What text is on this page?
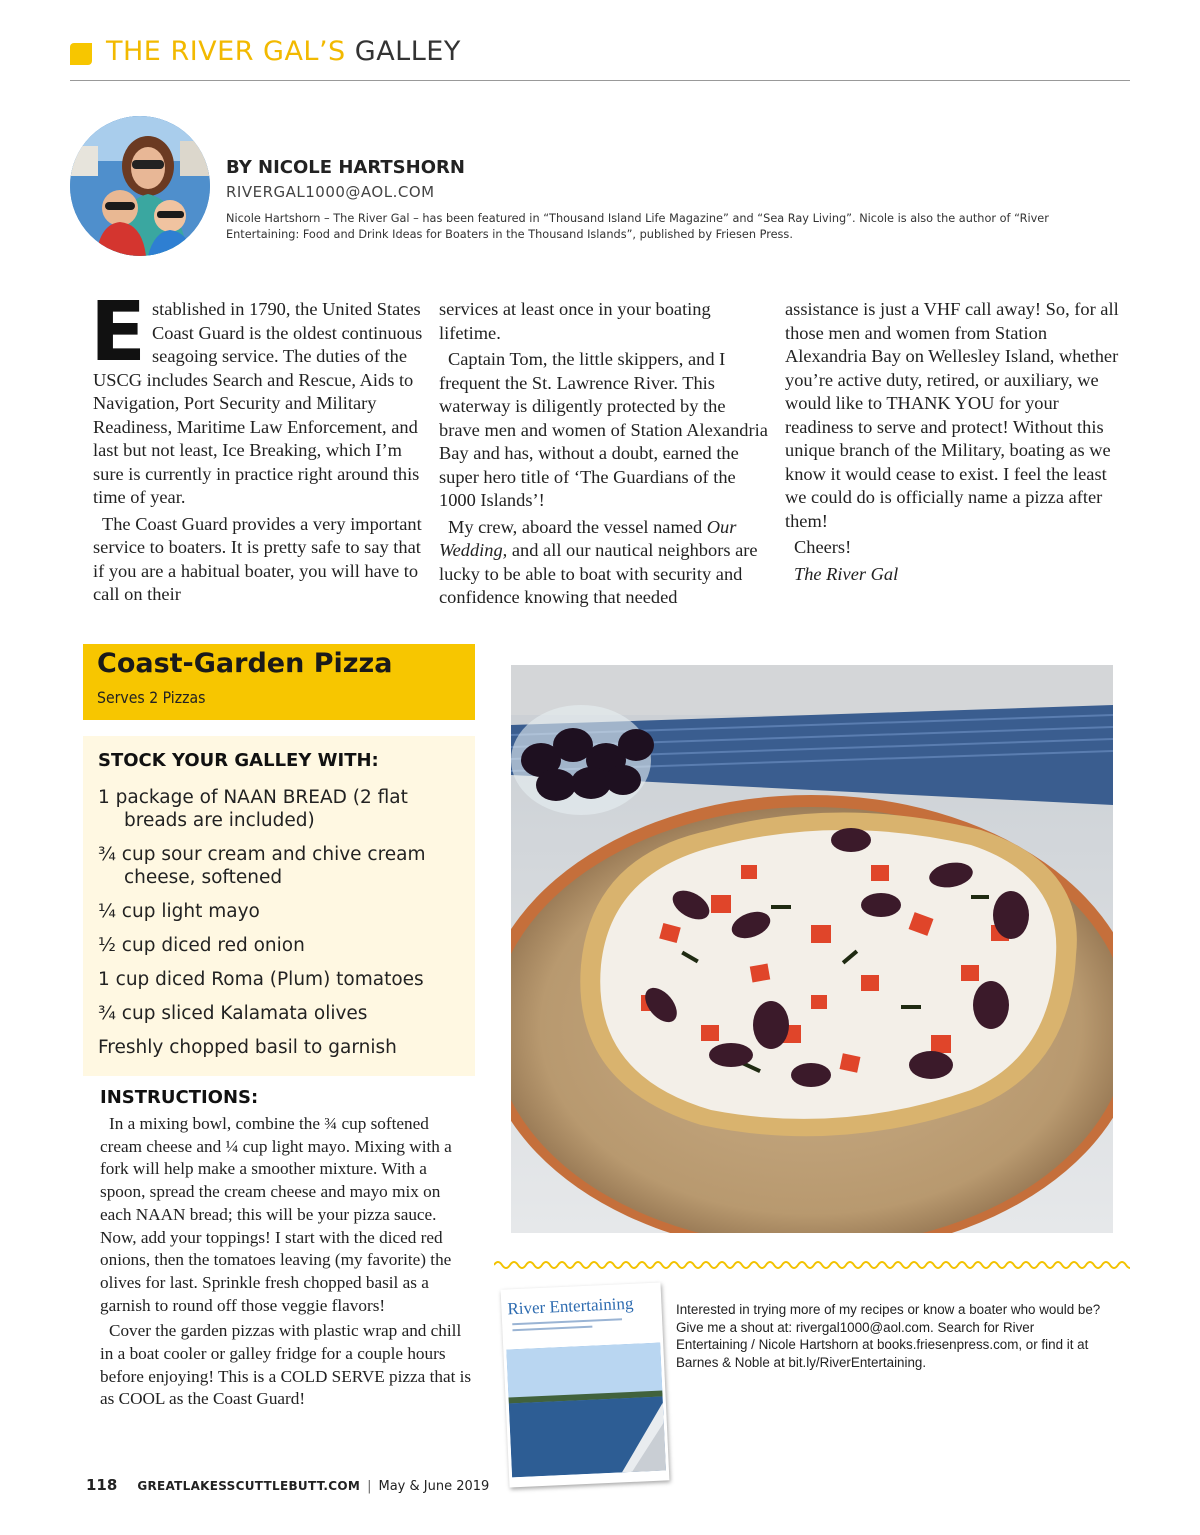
THE RIVER GAL’S GALLEY
BY NICOLE HARTSHORN
RIVERGAL1000@AOL.COM
Nicole Hartshorn – The River Gal – has been featured in “Thousand Island Life Magazine” and “Sea Ray Living”. Nicole is also the author of “River Entertaining: Food and Drink Ideas for Boaters in the Thousand Islands”, published by Friesen Press.

Established in 1790, the United States Coast Guard is the oldest continuous seagoing service. The duties of the USCG includes Search and Rescue, Aids to Navigation, Port Security and Military Readiness, Maritime Law Enforcement, and last but not least, Ice Breaking, which I’m sure is currently in practice right around this time of year.

The Coast Guard provides a very important service to boaters. It is pretty safe to say that if you are a habitual boater, you will have to call on their

services at least once in your boating lifetime.

Captain Tom, the little skippers, and I frequent the St. Lawrence River. This waterway is diligently protected by the brave men and women of Station Alexandria Bay and has, without a doubt, earned the super hero title of ‘The Guardians of the 1000 Islands’!

My crew, aboard the vessel named Our Wedding, and all our nautical neighbors are lucky to be able to boat with security and confidence knowing that needed

assistance is just a VHF call away! So, for all those men and women from Station Alexandria Bay on Wellesley Island, whether you’re active duty, retired, or auxiliary, we would like to THANK YOU for your readiness to serve and protect! Without this unique branch of the Military, boating as we know it would cease to exist. I feel the least we could do is officially name a pizza after them!

Cheers!

The River Gal

Coast-Garden Pizza
Serves 2 Pizzas
STOCK YOUR GALLEY WITH:
1 package of NAAN BREAD (2 flat breads are included)
¾ cup sour cream and chive cream cheese, softened
¼ cup light mayo
½ cup diced red onion
1 cup diced Roma (Plum) tomatoes
¾ cup sliced Kalamata olives
Freshly chopped basil to garnish
INSTRUCTIONS:

In a mixing bowl, combine the ¾ cup softened cream cheese and ¼ cup light mayo. Mixing with a fork will help make a smoother mixture. With a spoon, spread the cream cheese and mayo mix on each NAAN bread; this will be your pizza sauce. Now, add your toppings! I start with the diced red onions, then the tomatoes leaving (my favorite) the olives for last. Sprinkle fresh chopped basil as a garnish to round off those veggie flavors!

Cover the garden pizzas with plastic wrap and chill in a boat cooler or galley fridge for a couple hours before enjoying! This is a COLD SERVE pizza that is as COOL as the Coast Guard!

River Entertaining	Interested in trying more of my recipes or know a boater who would be? Give me a shout at: rivergal1000@aol.com. Search for River Entertaining / Nicole Hartshorn at books.friesenpress.com, or find it at Barnes & Noble at bit.ly/RiverEntertaining.
118 GREATLAKESSCUTTLEBUTT.COM | May & June 2019
